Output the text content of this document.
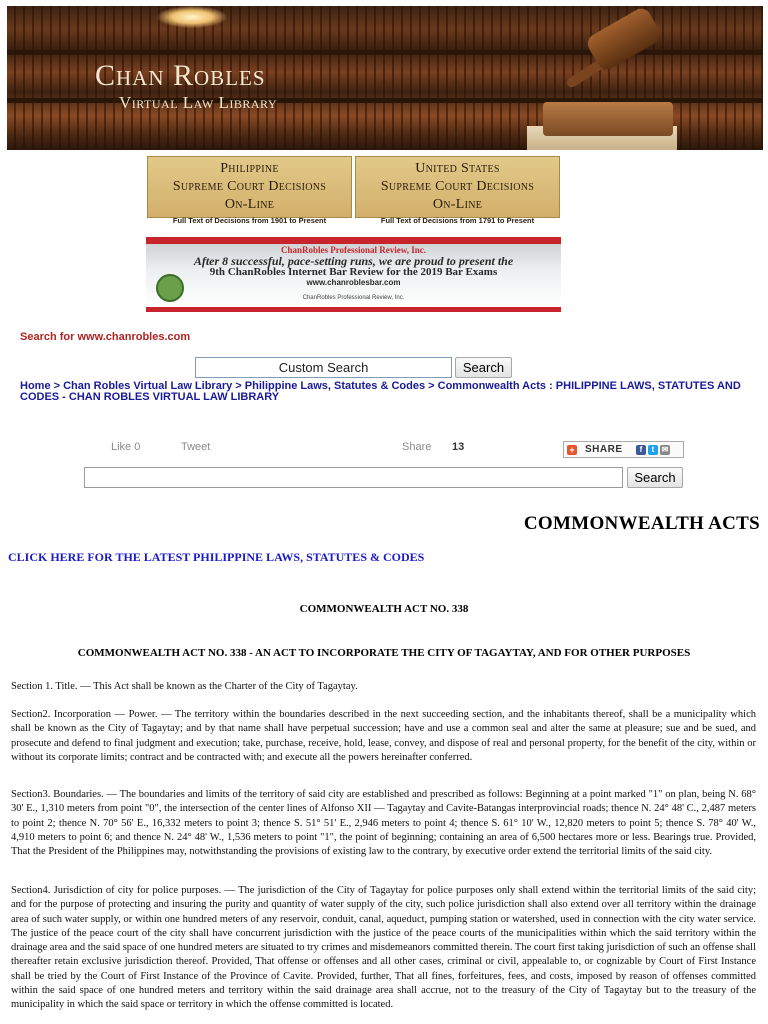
Chan Robles
Virtual Law Library
Philippine
Supreme Court Decisions
On-Line
Full Text of Decisions from 1901 to Present
United States
Supreme Court Decisions
On-Line
Full Text of Decisions from 1791 to Present
ChanRobles Professional Review, Inc.
After 8 successful, pace-setting runs, we are proud to present the
9th ChanRobles Internet Bar Review for the 2019 Bar Exams
www.chanroblesbar.com
ChanRobles Professional Review, Inc.
E-mail: lmao@chanroblesbar.com | Website: www.chanroblesbar.com
Search for www.chanrobles.com
Custom Search
Search
Home > Chan Robles Virtual Law Library > Philippine Laws, Statutes & Codes > Commonwealth Acts : PHILIPPINE LAWS, STATUTES AND CODES - CHAN ROBLES VIRTUAL LAW LIBRARY
Like 0	Tweet	Share 13	+ SHARE	f	t ✉
Search
COMMONWEALTH ACTS
CLICK HERE FOR THE LATEST PHILIPPINE LAWS, STATUTES & CODES
COMMONWEALTH ACT NO. 338
COMMONWEALTH ACT NO. 338 - AN ACT TO INCORPORATE THE CITY OF TAGAYTAY, AND FOR OTHER PURPOSES

Section 1. Title. — This Act shall be known as the Charter of the City of Tagaytay.

Section2. Incorporation — Power. — The territory within the boundaries described in the next succeeding section, and the inhabitants thereof, shall be a municipality which shall be known as the City of Tagaytay; and by that name shall have perpetual succession; have and use a common seal and alter the same at pleasure; sue and be sued, and prosecute and defend to final judgment and execution; take, purchase, receive, hold, lease, convey, and dispose of real and personal property, for the benefit of the city, within or without its corporate limits; contract and be contracted with; and execute all the powers hereinafter conferred.

Section3. Boundaries. — The boundaries and limits of the territory of said city are established and prescribed as follows: Beginning at a point marked "1" on plan, being N. 68° 30' E., 1,310 meters from point "0", the intersection of the center lines of Alfonso XII — Tagaytay and Cavite-Batangas interprovincial roads; thence N. 24° 48' C., 2,487 meters to point 2; thence N. 70° 56' E., 16,332 meters to point 3; thence S. 51° 51' E., 2,946 meters to point 4; thence S. 61° 10' W., 12,820 meters to point 5; thence S. 78° 40' W., 4,910 meters to point 6; and thence N. 24° 48' W., 1,536 meters to point "1", the point of beginning; containing an area of 6,500 hectares more or less. Bearings true. Provided, That the President of the Philippines may, notwithstanding the provisions of existing law to the contrary, by executive order extend the territorial limits of the said city.

Section4. Jurisdiction of city for police purposes. — The jurisdiction of the City of Tagaytay for police purposes only shall extend within the territorial limits of the said city; and for the purpose of protecting and insuring the purity and quantity of water supply of the city, such police jurisdiction shall also extend over all territory within the drainage area of such water supply, or within one hundred meters of any reservoir, conduit, canal, aqueduct, pumping station or watershed, used in connection with the city water service. The justice of the peace court of the city shall have concurrent jurisdiction with the justice of the peace courts of the municipalities within which the said territory within the drainage area and the said space of one hundred meters are situated to try crimes and misdemeanors committed therein. The court first taking jurisdiction of such an offense shall thereafter retain exclusive jurisdiction thereof. Provided, That offense or offenses and all other cases, criminal or civil, appealable to, or cognizable by Court of First Instance shall be tried by the Court of First Instance of the Province of Cavite. Provided, further, That all fines, forfeitures, fees, and costs, imposed by reason of offenses committed within the said space of one hundred meters and territory within the said drainage area shall accrue, not to the treasury of the City of Tagaytay but to the treasury of the municipality in which the said space or territory in which the offense committed is located.
